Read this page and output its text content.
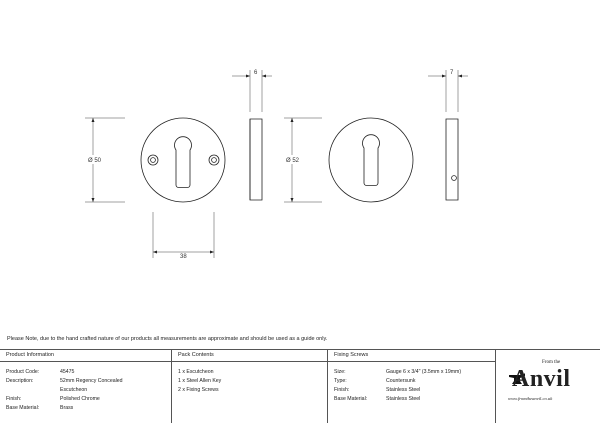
Ø 50
6
38
Ø 52
7
Please Note, due to the hand crafted nature of our products all measurements are approximate and should be used as a guide only.
Product Information
Product Code:	45475
Description:	52mm Regency Concealed
Escutcheon
Finish:	Polished Chrome
Base Material:	Brass
Pack Contents
1 x Escutcheon
1 x Steel Allen Key
2 x Fixing Screws
Fixing Screws
Size:	Gauge 6 x 3/4" (3.5mm x 19mm)
Type:	Countersunk
Finish:	Stainless Steel
Base Material:	Stainless Steel
From the
Anvil
www.fromtheanvil.co.uk
